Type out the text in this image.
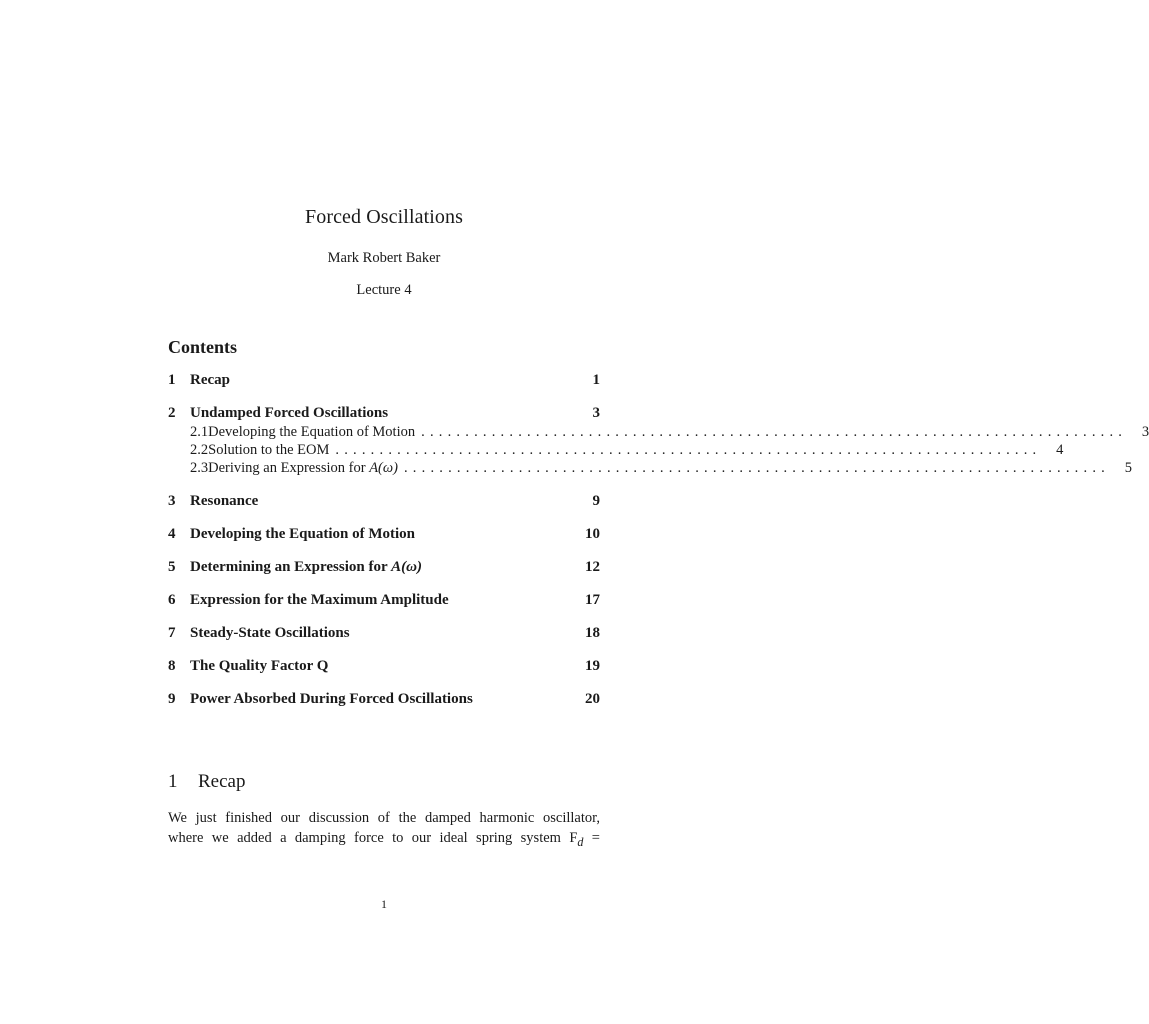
Forced Oscillations
Mark Robert Baker
Lecture 4
Contents
1 Recap	1
2 Undamped Forced Oscillations	3
2.1 Developing the Equation of Motion ................................................................................	3
2.2 Solution to the EOM ................................................................................	4
2.3 Deriving an Expression for A(ω) ................................................................................	5
3 Resonance	9
4 Developing the Equation of Motion	10
5 Determining an Expression for A(ω)	12
6 Expression for the Maximum Amplitude	17
7 Steady-State Oscillations	18
8 The Quality Factor Q	19
9 Power Absorbed During Forced Oscillations	20
1 Recap
We just finished our discussion of the damped harmonic oscillator,
where we added a damping force to our ideal spring system $F_d$ =
1
